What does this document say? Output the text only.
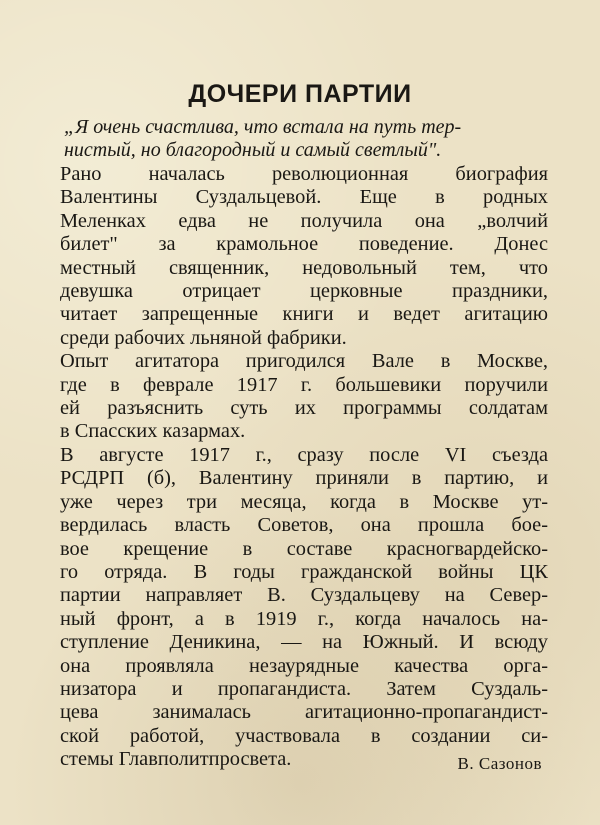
ДОЧЕРИ ПАРТИИ
„Я очень счастлива, что встала на путь тер-
нистый, но благородный и самый светлый".
Рано началась революционная биография
Валентины Суздальцевой. Еще в родных
Меленках едва не получила она „волчий
билет" за крамольное поведение. Донес
местный священник, недовольный тем, что
девушка отрицает церковные праздники,
читает запрещенные книги и ведет агитацию
среди рабочих льняной фабрики.
Опыт агитатора пригодился Вале в Москве,
где в феврале 1917 г. большевики поручили
ей разъяснить суть их программы солдатам
в Спасских казармах.
В августе 1917 г., сразу после VI съезда
РСДРП (б), Валентину приняли в партию, и
уже через три месяца, когда в Москве ут-
вердилась власть Советов, она прошла бое-
вое крещение в составе красногвардейско-
го отряда. В годы гражданской войны ЦК
партии направляет В. Суздальцеву на Север-
ный фронт, а в 1919 г., когда началось на-
ступление Деникина, — на Южный. И всюду
она проявляла незаурядные качества орга-
низатора и пропагандиста. Затем Суздаль-
цева занималась агитационно-пропагандист-
ской работой, участвовала в создании си-
стемы Главполитпросвета.	В. Сазонов
